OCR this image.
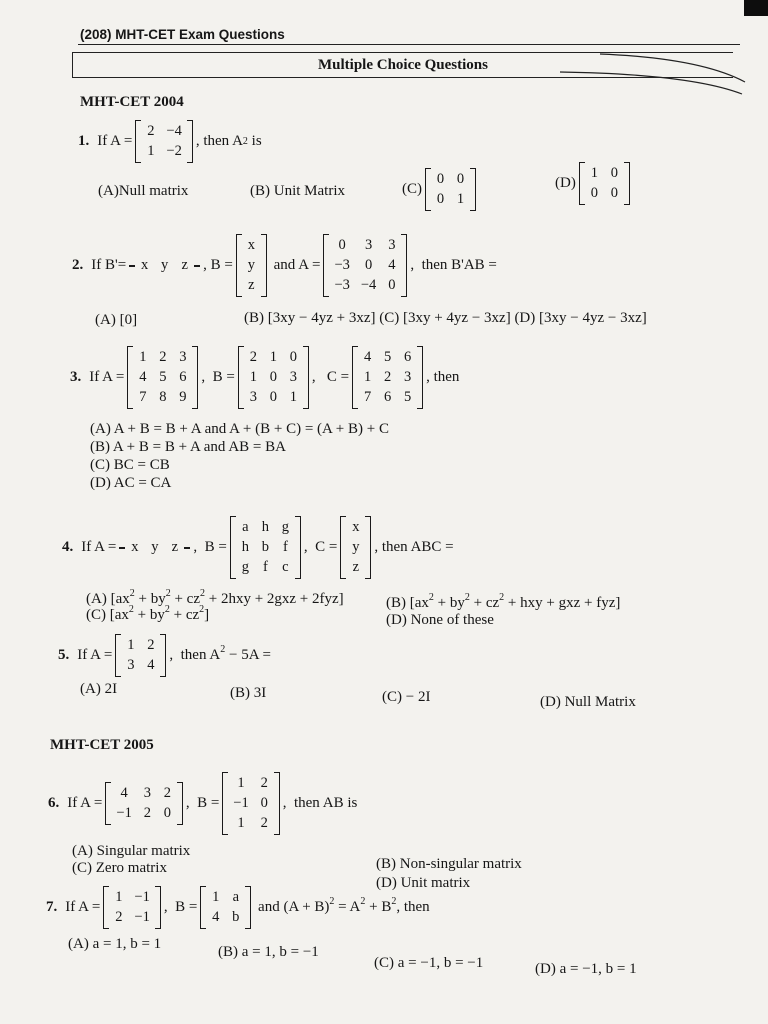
(208) MHT-CET Exam Questions
Multiple Choice Questions
MHT-CET 2004
1. If A =
2 −4
1 −2
, then A 2 is
(A)Null matrix	(B) Unit Matrix	(C)
0 0
0 1
(D)
1 0
0 0
2. If B'= x y z , B =
x
y
z
and A =
0 3 3
−3 0 4
−3 −4 0
,  then B'AB =
(A) [0]	(B) [3xy − 4yz + 3xz] (C) [3xy + 4yz − 3xz] (D) [3xy − 4yz − 3xz]
3. If A =
1 2 3
4 5 6
7 8 9
,  B =
2 1 0
1 0 3
3 0 1
,   C =
4 5 6
1 2 3
7 6 5
, then
(A) A + B = B + A and A + (B + C) = (A + B) + C
(B) A + B = B + A and AB = BA
(C) BC = CB
(D) AC = CA
4. If A = x y z ,  B =
a h g
h b f
g f c
,  C =
x
y
z
, then ABC =
(A) $[ax^2 + by^2 + cz^2 + 2hxy + 2gxz + 2fyz]$	(B) [$ax^2 + by^2 + cz^2$ + hxy + gxz + fyz]
(C) $[ax^2 + by^2 + cz^2]$	(D) None of these
5. If A =
1 2
3 4
,  then $A^2 - 5A$ =
(A) 2I	(B) 3I	(C) − 2I	(D) Null Matrix
MHT-CET 2005
6. If A =
4 3 2
−1 2 0
,  B =
1 2
−1 0
1 2
,  then AB is
(A) Singular matrix
(B) Non-singular matrix
(C) Zero matrix
(D) Unit matrix
7. If A =
1 −1
2 −1
,  B =
1 a
4 b
and $(A + B)^2 = A^2 + B^2$, then
(A) a = 1, b = 1	(B) a = 1, b = −1
(C) a = −1, b = −1	(D) a = −1, b = 1
